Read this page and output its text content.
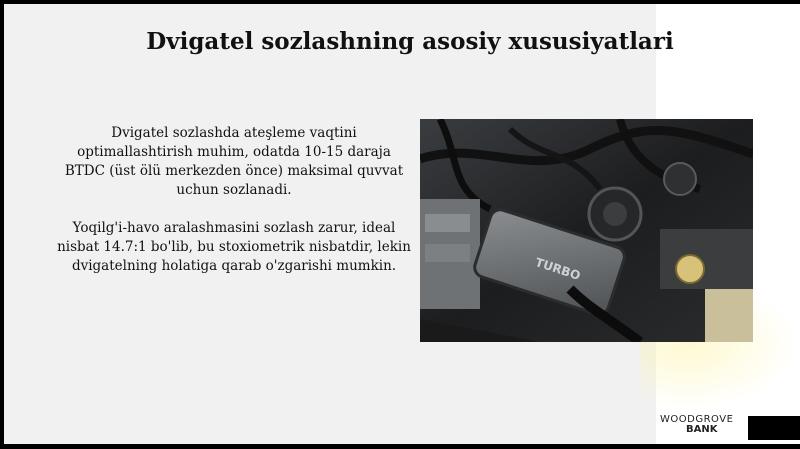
Dvigatel sozlashning asosiy xususiyatlari

Dvigatel sozlashda ateşleme vaqtini optimallashtirish muhim, odatda 10-15 daraja BTDC (üst ölü merkezden önce) maksimal quvvat uchun sozlanadi.

Yoqilg'i-havo aralashmasini sozlash zarur, ideal nisbat 14.7:1 bo'lib, bu stoxiometrik nisbatdir, lekin dvigatelning holatiga qarab o'zgarishi mumkin.	TURBO
WOODGROVE
BANK
